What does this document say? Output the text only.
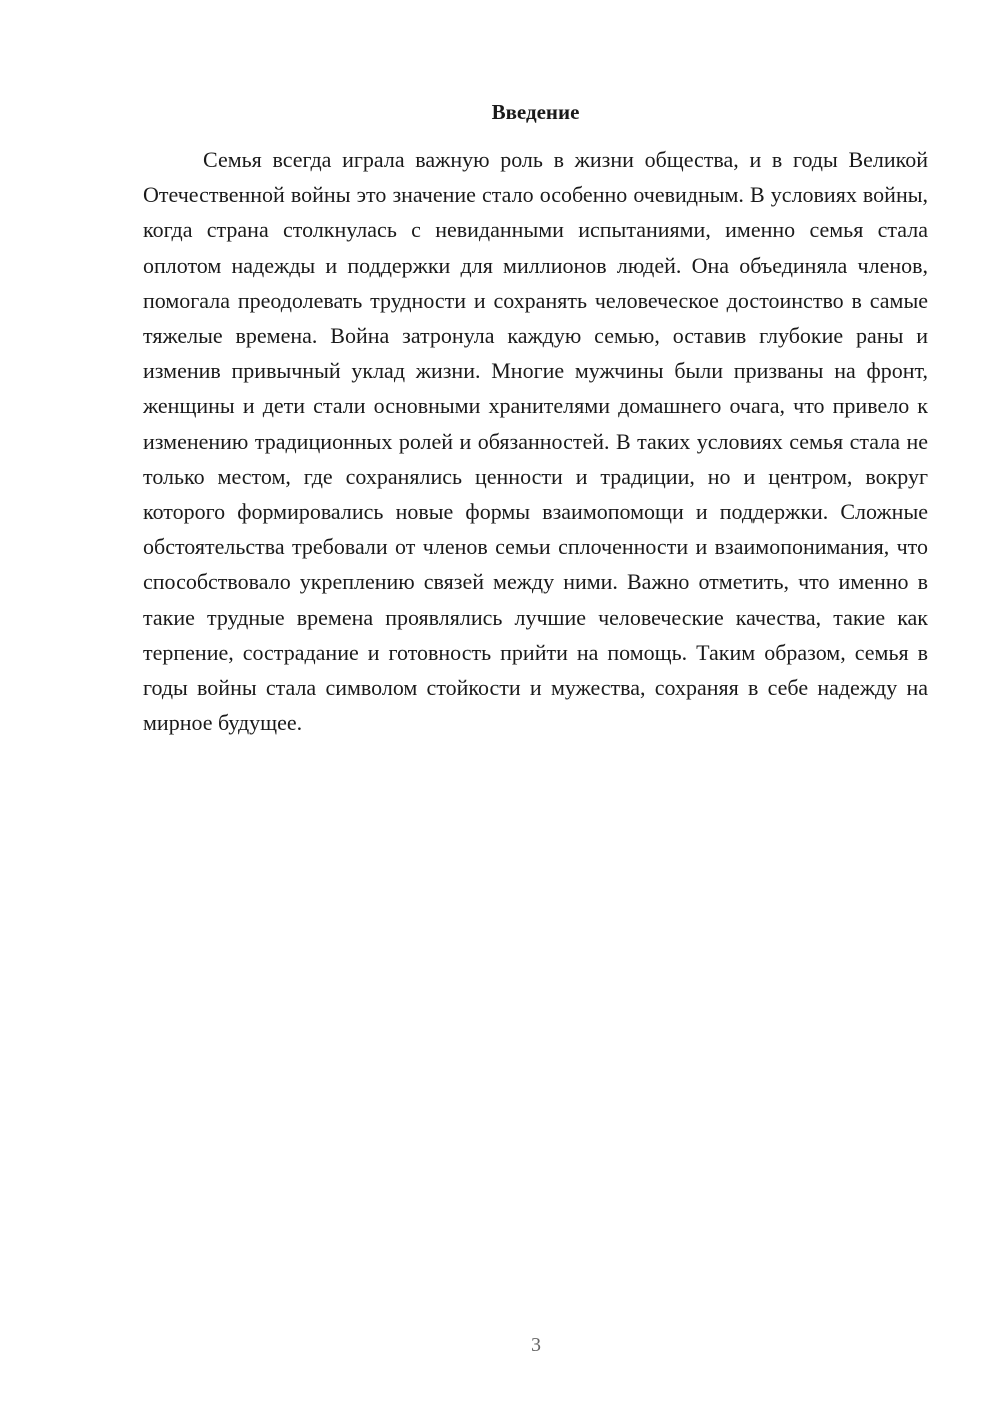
Введение

Семья всегда играла важную роль в жизни общества, и в годы Великой Отечественной войны это значение стало особенно очевидным. В условиях войны, когда страна столкнулась с невиданными испытаниями, именно семья стала оплотом надежды и поддержки для миллионов людей. Она объединяла членов, помогала преодолевать трудности и сохранять человеческое достоинство в самые тяжелые времена. Война затронула каждую семью, оставив глубокие раны и изменив привычный уклад жизни. Многие мужчины были призваны на фронт, женщины и дети стали основными хранителями домашнего очага, что привело к изменению традиционных ролей и обязанностей. В таких условиях семья стала не только местом, где сохранялись ценности и традиции, но и центром, вокруг которого формировались новые формы взаимопомощи и поддержки. Сложные обстоятельства требовали от членов семьи сплоченности и взаимопонимания, что способствовало укреплению связей между ними. Важно отметить, что именно в такие трудные времена проявлялись лучшие человеческие качества, такие как терпение, сострадание и готовность прийти на помощь. Таким образом, семья в годы войны стала символом стойкости и мужества, сохраняя в себе надежду на мирное будущее.

3
